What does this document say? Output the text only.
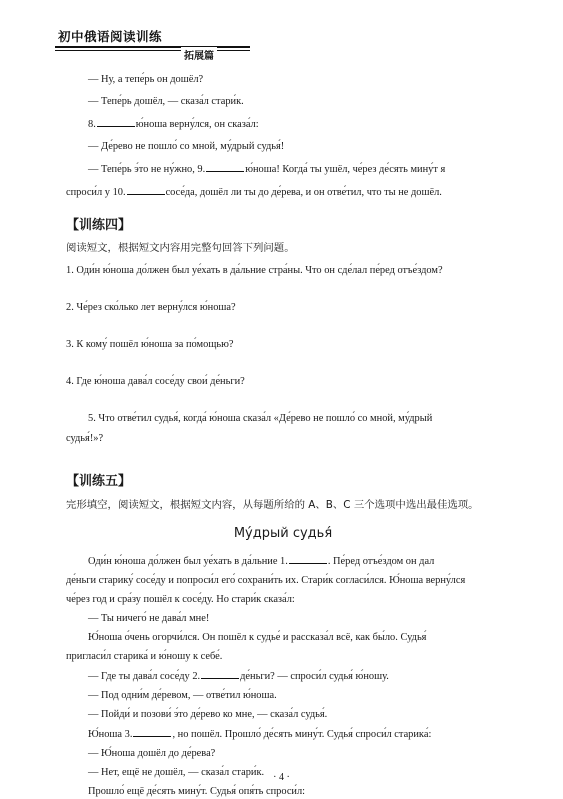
初中俄语阅读训练
拓展篇

— Ну, а тепе́рь он дошёл?

— Тепе́рь дошёл, — сказа́л стари́к.

8.	ю́ноша верну́лся, он сказа́л:

— Де́рево не пошло́ со мной, му́дрый судья́!

— Тепе́рь э́то не ну́жно, 9.	ю́ноша! Когда́ ты ушёл, че́рез де́сять мину́т я

спроси́л у 10.	сосе́да, дошёл ли ты до де́рева, и он отве́тил, что ты не дошёл.

【训练四】

阅读短文，根据短文内容用完整句回答下列问题。

1. Оди́н ю́ноша до́лжен был уе́хать в да́льние стра́ны. Что он сде́лал пе́ред отъе́здом?

2. Че́рез ско́лько лет верну́лся ю́ноша?

3. К кому́ пошёл ю́ноша за по́мощью?

4. Где ю́ноша дава́л сосе́ду свои́ де́ньги?

5. Что отве́тил судья́, когда́ ю́ноша сказа́л «Де́рево не пошло́ со мной, му́дрый

судья́!»?

【训练五】

完形填空，阅读短文，根据短文内容，从每题所给的 A、B、C 三个选项中选出最佳选项。

Му́дрый судья́

Оди́н ю́ноша до́лжен был уе́хать в да́льние 1.	. Пе́ред отъе́здом он дал

де́ньги старику́ сосе́ду и попроси́л его́ сохрани́ть их. Стари́к согласи́лся. Ю́ноша верну́лся

че́рез год и сра́зу пошёл к сосе́ду. Но стари́к сказа́л:

— Ты ничего́ не дава́л мне!

Ю́ноша о́чень огорчи́лся. Он пошёл к судье́ и рассказа́л всё, как бы́ло. Судья́

пригласи́л старика́ и ю́ношу к себе́.

— Где ты дава́л сосе́ду 2.	де́ньги? — спроси́л судья́ ю́ношу.

— Под одни́м де́ревом, — отве́тил ю́ноша.

— Пойди́ и позови́ э́то де́рево ко мне, — сказа́л судья́.

Ю́ноша 3.	, но пошёл. Прошло́ де́сять мину́т. Судья́ спроси́л старика́:

— Ю́ноша дошёл до де́рева?

— Нет, ещё не дошёл, — сказа́л стари́к.

Прошло́ ещё де́сять мину́т. Судья́ опя́ть спроси́л:

· 4 ·
